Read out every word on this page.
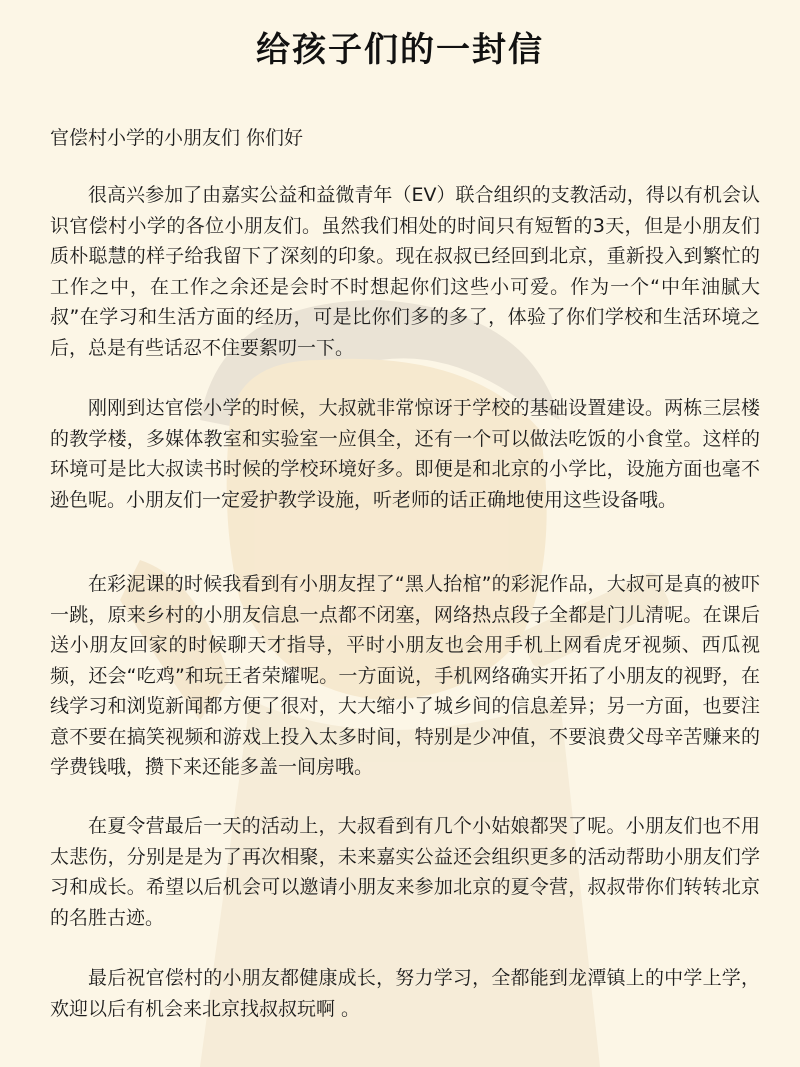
给孩子们的一封信

官偿村小学的小朋友们 你们好

很高兴参加了由嘉实公益和益微青年（EV）联合组织的支教活动，得以有机会认识官偿村小学的各位小朋友们。虽然我们相处的时间只有短暂的3天，但是小朋友们质朴聪慧的样子给我留下了深刻的印象。现在叔叔已经回到北京，重新投入到繁忙的工作之中，在工作之余还是会时不时想起你们这些小可爱。作为一个“中年油腻大叔”在学习和生活方面的经历，可是比你们多的多了，体验了你们学校和生活环境之后，总是有些话忍不住要絮叨一下。

刚刚到达官偿小学的时候，大叔就非常惊讶于学校的基础设置建设。两栋三层楼的教学楼，多媒体教室和实验室一应俱全，还有一个可以做法吃饭的小食堂。这样的环境可是比大叔读书时候的学校环境好多。即便是和北京的小学比，设施方面也毫不逊色呢。小朋友们一定爱护教学设施，听老师的话正确地使用这些设备哦。

在彩泥课的时候我看到有小朋友捏了“黑人抬棺”的彩泥作品，大叔可是真的被吓一跳，原来乡村的小朋友信息一点都不闭塞，网络热点段子全都是门儿清呢。在课后送小朋友回家的时候聊天才指导，平时小朋友也会用手机上网看虎牙视频、西瓜视频，还会“吃鸡”和玩王者荣耀呢。一方面说，手机网络确实开拓了小朋友的视野，在线学习和浏览新闻都方便了很对，大大缩小了城乡间的信息差异；另一方面，也要注意不要在搞笑视频和游戏上投入太多时间，特别是少冲值，不要浪费父母辛苦赚来的学费钱哦，攒下来还能多盖一间房哦。

在夏令营最后一天的活动上，大叔看到有几个小姑娘都哭了呢。小朋友们也不用太悲伤，分别是是为了再次相聚，未来嘉实公益还会组织更多的活动帮助小朋友们学习和成长。希望以后机会可以邀请小朋友来参加北京的夏令营，叔叔带你们转转北京的名胜古迹。

最后祝官偿村的小朋友都健康成长，努力学习，全都能到龙潭镇上的中学上学，欢迎以后有机会来北京找叔叔玩啊 。
